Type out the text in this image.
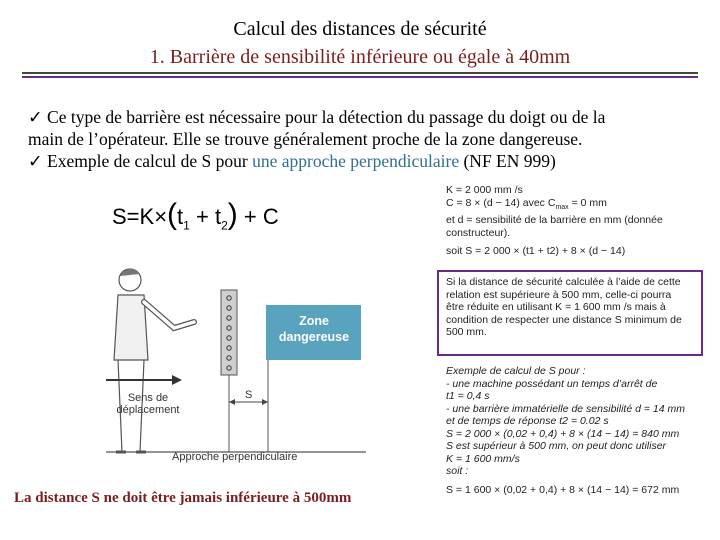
Calcul des distances de sécurité
1. Barrière de sensibilité inférieure ou égale à 40mm
✓ Ce type de barrière est nécessaire pour la détection du passage du doigt ou de la
main de l’opérateur. Elle se trouve généralement proche de la zone dangereuse.
✓ Exemple de calcul de S pour une approche perpendiculaire (NF EN 999)
$S=K\times(t_1 + t_2) + C$
Zone
dangereuse
S
Sens de
déplacement
Approche perpendiculaire
K = 2 000 mm /s
C = 8 × (d − 14) avec $C_{max} = 0$ mm
et d = sensibilité de la barrière en mm (donnée
constructeur).
soit S = 2 000 × (t1 + t2) + 8 × (d − 14)
Si la distance de sécurité calculée à l’aide de cette
relation est supérieure à 500 mm, celle-ci pourra
être réduite en utilisant K = 1 600 mm /s mais à
condition de respecter une distance S minimum de
500 mm.
Exemple de calcul de S pour :
- une machine possédant un temps d’arrêt de
t1 = 0,4 s
- une barrière immatérielle de sensibilité d = 14 mm
et de temps de réponse t2 = 0.02 s
S = 2 000 × (0,02 + 0,4) + 8 × (14 − 14) = 840 mm
S est supérieur à 500 mm, on peut donc utiliser
K = 1 600 mm/s
soit :
S = 1 600 × (0,02 + 0,4) + 8 × (14 − 14) = 672 mm
La distance S ne doit être jamais inférieure à 500mm
